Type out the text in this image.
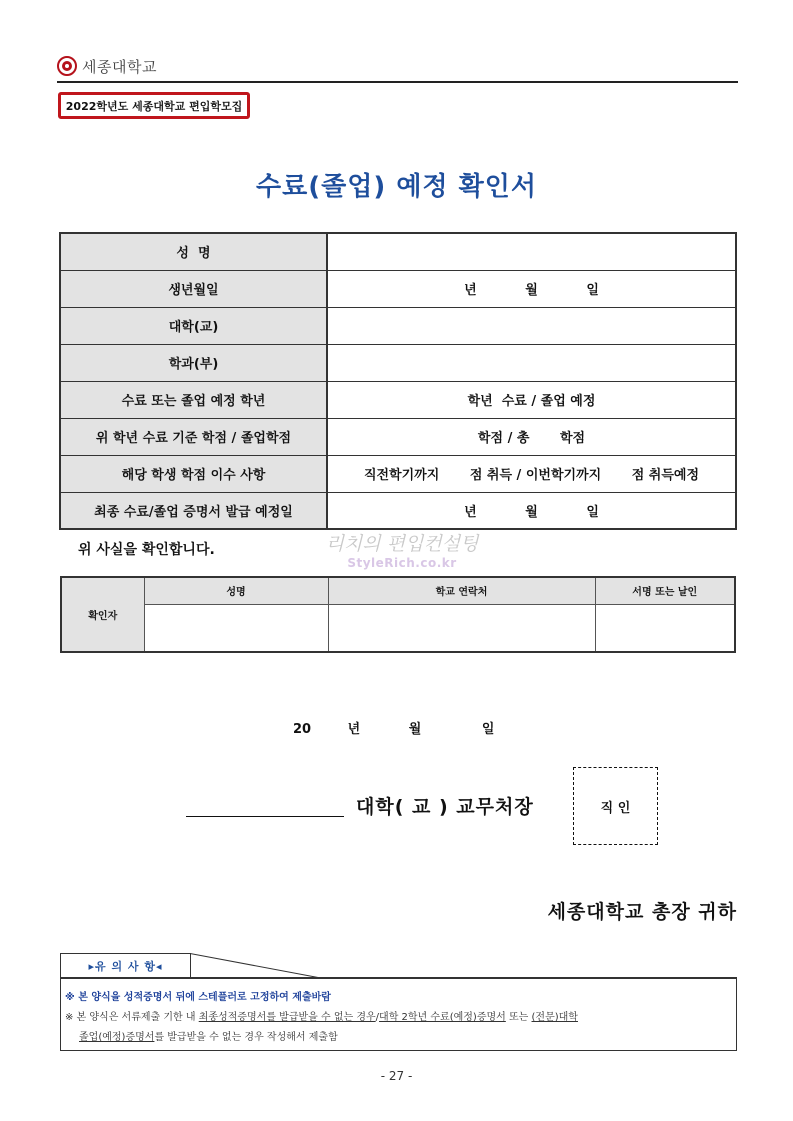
세종대학교
2022학년도 세종대학교 편입학모집
수료(졸업) 예정 확인서
성  명	
생년월일	년 월 일
대학(교)	
학과(부)	
수료 또는 졸업 예정 학년	학년  수료 / 졸업 예정
위 학년 수료 기준 학점 / 졸업학점	학점 / 총 학점
해당 학생 학점 이수 사항	직전학기까지 점 취득 / 이번학기까지 점 취득예정
최종 수료/졸업 증명서 발급 예정일	년 월 일
위 사실을 확인합니다.	리치의 편입컨설팅
StyleRich.co.kr
확인자	성명	학교 연락처	서명 또는 날인

20	년	월	일
대학( 교 ) 교무처장	직 인
세종대학교 총장 귀하
▸유 의 사 항◂
※ 본 양식을 성적증명서 뒤에 스테플러로 고정하여 제출바람
※ 본 양식은 서류제출 기한 내 최종성적증명서를 발급받을 수 없는 경우/대학 2학년 수료(예정)증명서 또는 (전문)대학
졸업(예정)증명서를 발급받을 수 없는 경우 작성해서 제출함
- 27 -
